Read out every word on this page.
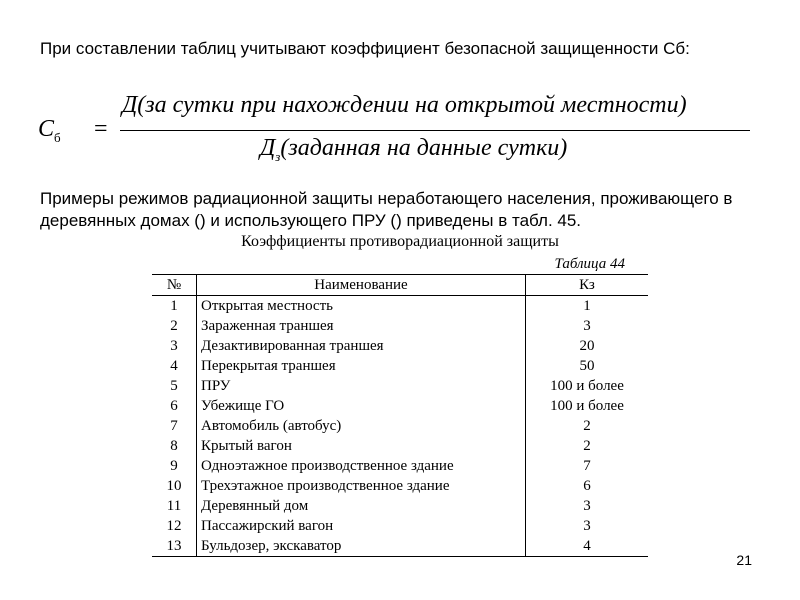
При составлении таблиц учитывают коэффициент безопасной защищенности Сб:
$С_б$ =
Д(за сутки при нахождении на открытой местности)
$Д_з(заданная$ на данные сутки)
Примеры режимов радиационной защиты неработающего населения, проживающего в деревянных домах () и использующего ПРУ () приведены в табл. 45.
Коэффициенты противорадиационной защиты
Таблица 44
№	Наименование	Кз
1	Открытая местность	1
2	Зараженная траншея	3
3	Дезактивированная траншея	20
4	Перекрытая траншея	50
5	ПРУ	100 и более
6	Убежище ГО	100 и более
7	Автомобиль (автобус)	2
8	Крытый вагон	2
9	Одноэтажное производственное здание	7
10	Трехэтажное производственное здание	6
11	Деревянный дом	3
12	Пассажирский вагон	3
13	Бульдозер, экскаватор	4
21
